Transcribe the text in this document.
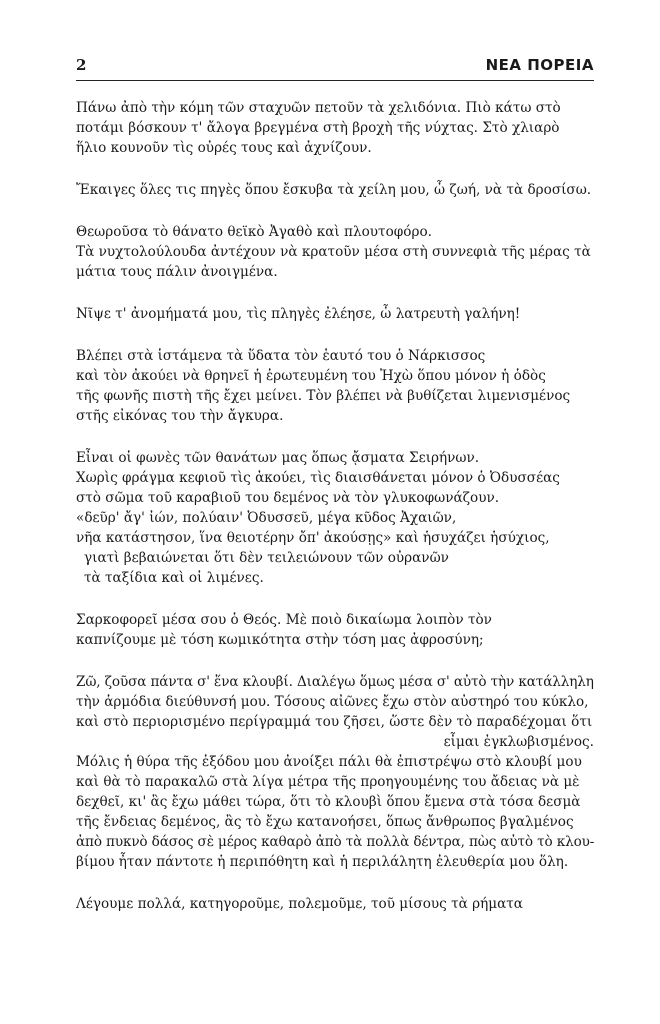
2	ΝΕΑ ΠΟΡΕΙΑ
Πάνω ἀπὸ τὴν κόμη τῶν σταχυῶν πετοῦν τὰ χελιδόνια. Πιὸ κάτω στὸ
ποτάμι βόσκουν τ' ἄλογα βρεγμένα στὴ βροχὴ τῆς νύχτας. Στὸ χλιαρὸ
ἥλιο κουνοῦν τὶς οὐρές τους καὶ ἀχνίζουν.
Ἔκαιγες ὅλες τις πηγὲς ὅπου ἔσκυβα τὰ χείλη μου, ὦ ζωή, νὰ τὰ δροσίσω.
Θεωροῦσα τὸ θάνατο θεϊκὸ Ἀγαθὸ καὶ πλουτοφόρο.
Τὰ νυχτολούλουδα ἀντέχουν νὰ κρατοῦν μέσα στὴ συννεφιὰ τῆς μέρας τὰ
μάτια τους πάλιν ἀνοιγμένα.
Νῖψε τ' ἀνομήματά μου, τὶς πληγὲς ἐλέησε, ὦ λατρευτὴ γαλήνη!
Βλέπει στὰ ἱστάμενα τὰ ὕδατα τὸν ἑαυτό του ὁ Νάρκισσος
καὶ τὸν ἀκούει νὰ θρηνεῖ ἡ ἐρωτευμένη του Ἠχὼ ὅπου μόνον ἡ ὁδὸς
τῆς φωνῆς πιστὴ τῆς ἔχει μείνει. Τὸν βλέπει νὰ βυθίζεται λιμενισμένος
στῆς εἰκόνας του τὴν ἄγκυρα.
Εἶναι οἱ φωνὲς τῶν θανάτων μας ὅπως ᾄσματα Σειρήνων.
Χωρὶς φράγμα κεφιοῦ τὶς ἀκούει, τὶς διαισθάνεται μόνον ὁ Ὀδυσσέας
στὸ σῶμα τοῦ καραβιοῦ του δεμένος νὰ τὸν γλυκοφωνάζουν.
«δεῦρ' ἄγ' ἰών, πολύαιν' Ὀδυσσεῦ, μέγα κῦδος Ἀχαιῶν,
νῆα κατάστησον, ἵνα θειοτέρην ὄπ' ἀκούσῃς» καὶ ἡσυχάζει ἡσύχιος,
γιατὶ βεβαιώνεται ὅτι δὲν τειλειώνουν τῶν οὐρανῶν
τὰ ταξίδια καὶ οἱ λιμένες.
Σαρκοφορεῖ μέσα σου ὁ Θεός. Μὲ ποιὸ δικαίωμα λοιπὸν τὸν
καπνίζουμε μὲ τόση κωμικότητα στὴν τόση μας ἀφροσύνη;
Ζῶ, ζοῦσα πάντα σ' ἕνα κλουβί. Διαλέγω ὅμως μέσα σ' αὐτὸ τὴν κατάλληλη
τὴν ἁρμόδια διεύθυνσή μου. Τόσους αἰῶνες ἔχω στὸν αὐστηρό του κύκλο,
καὶ στὸ περιορισμένο περίγραμμά του ζῆσει, ὥστε δὲν τὸ παραδέχομαι ὅτι
εἶμαι ἐγκλωβισμένος.
Μόλις ἡ θύρα τῆς ἐξόδου μου ἀνοίξει πάλι θὰ ἐπιστρέψω στὸ κλουβί μου
καὶ θὰ τὸ παρακαλῶ στὰ λίγα μέτρα τῆς προηγουμένης του ἄδειας νὰ μὲ
δεχθεῖ, κι' ἂς ἔχω μάθει τώρα, ὅτι τὸ κλουβὶ ὅπου ἔμενα στὰ τόσα δεσμὰ
τῆς ἔνδειας δεμένος, ἂς τὸ ἔχω κατανοήσει, ὅπως ἄνθρωπος βγαλμένος
ἀπὸ πυκνὸ δάσος σὲ μέρος καθαρὸ ἀπὸ τὰ πολλὰ δέντρα, πὼς αὐτὸ τὸ κλου-
βίμου ἦταν πάντοτε ἡ περιπόθητη καὶ ἡ περιλάλητη ἐλευθερία μου ὅλη.
Λέγουμε πολλά, κατηγοροῦμε, πολεμοῦμε, τοῦ μίσους τὰ ρήματα
